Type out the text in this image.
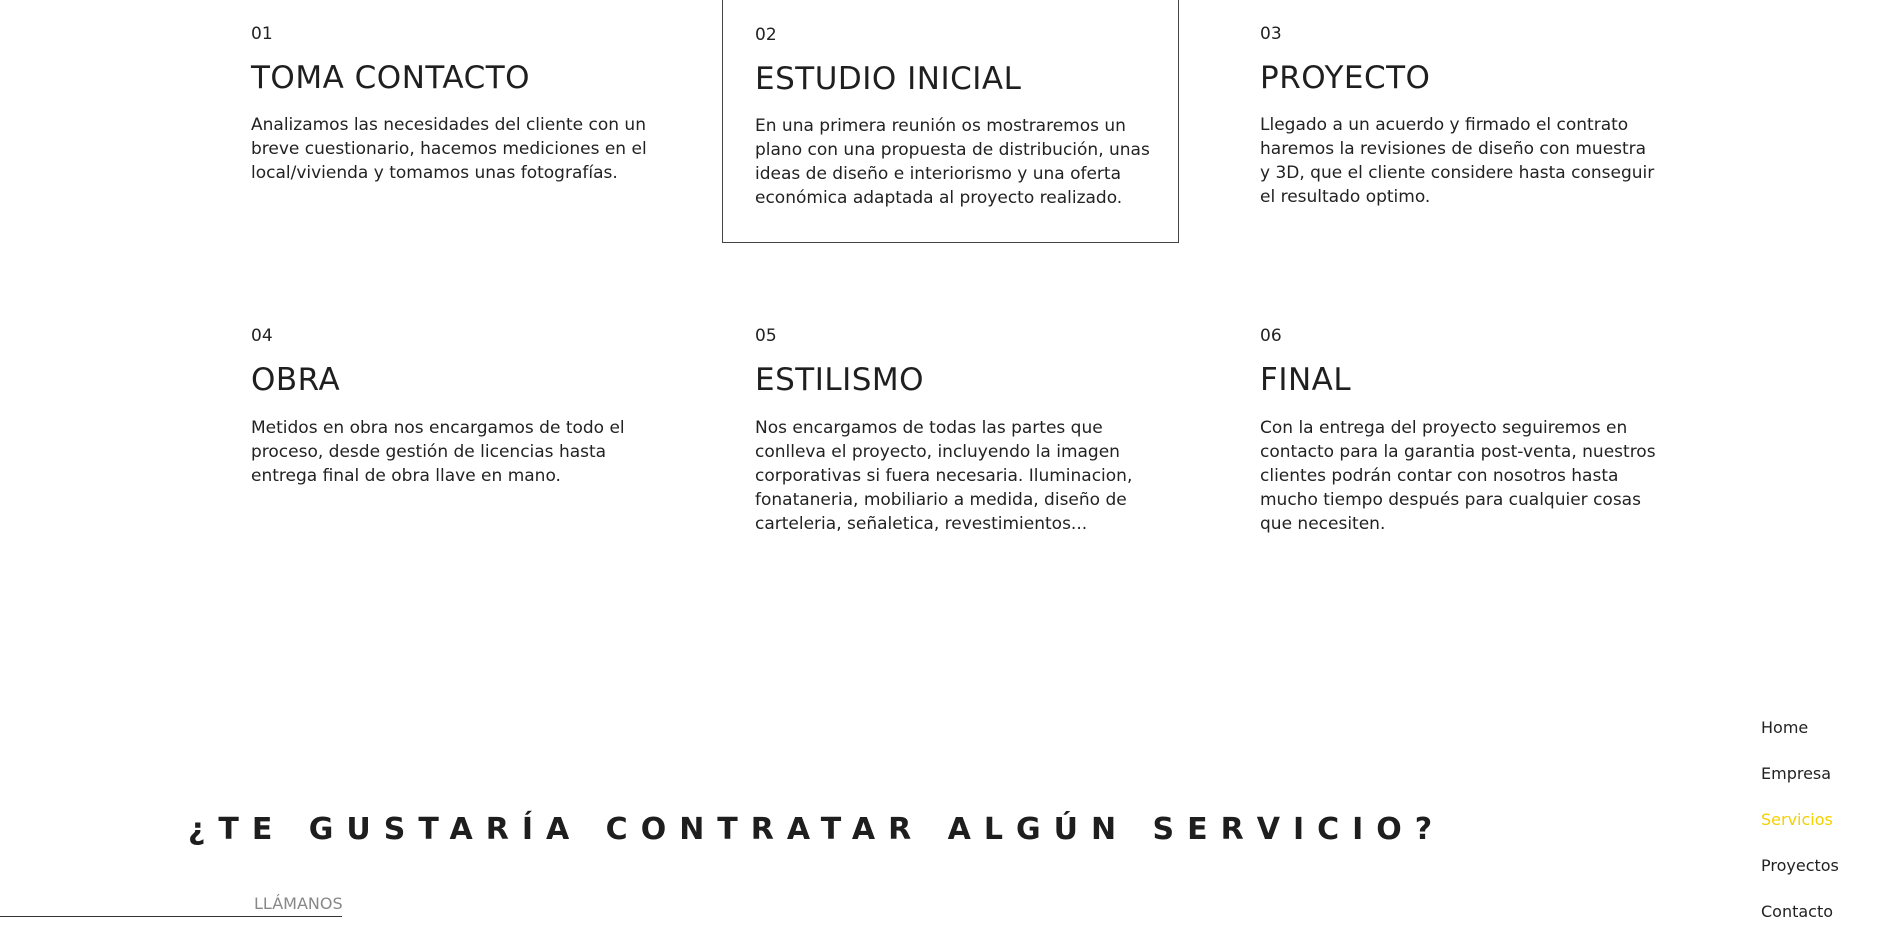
01
TOMA CONTACTO

Analizamos las necesidades del cliente con un breve cuestionario, hacemos mediciones en el local/vivienda y tomamos unas fotografías.

02
ESTUDIO INICIAL

En una primera reunión os mostraremos un plano con una propuesta de distribución, unas ideas de diseño e interiorismo y una oferta económica adaptada al proyecto realizado.

03
PROYECTO

Llegado a un acuerdo y firmado el contrato haremos la revisiones de diseño con muestra y 3D, que el cliente considere hasta conseguir el resultado optimo.

04
OBRA

Metidos en obra nos encargamos de todo el proceso, desde gestión de licencias hasta entrega final de obra llave en mano.

05
ESTILISMO

Nos encargamos de todas las partes que conlleva el proyecto, incluyendo la imagen corporativas si fuera necesaria. Iluminacion, fonataneria, mobiliario a medida, diseño de carteleria, señaletica, revestimientos...

06
FINAL

Con la entrega del proyecto seguiremos en contacto para la garantia post-venta, nuestros clientes podrán contar con nosotros hasta mucho tiempo después para cualquier cosas que necesiten.

¿TE GUSTARÍA CONTRATAR ALGÚN SERVICIO?
LLÁMANOS
Home
Empresa
Servicios
Proyectos
Contacto
